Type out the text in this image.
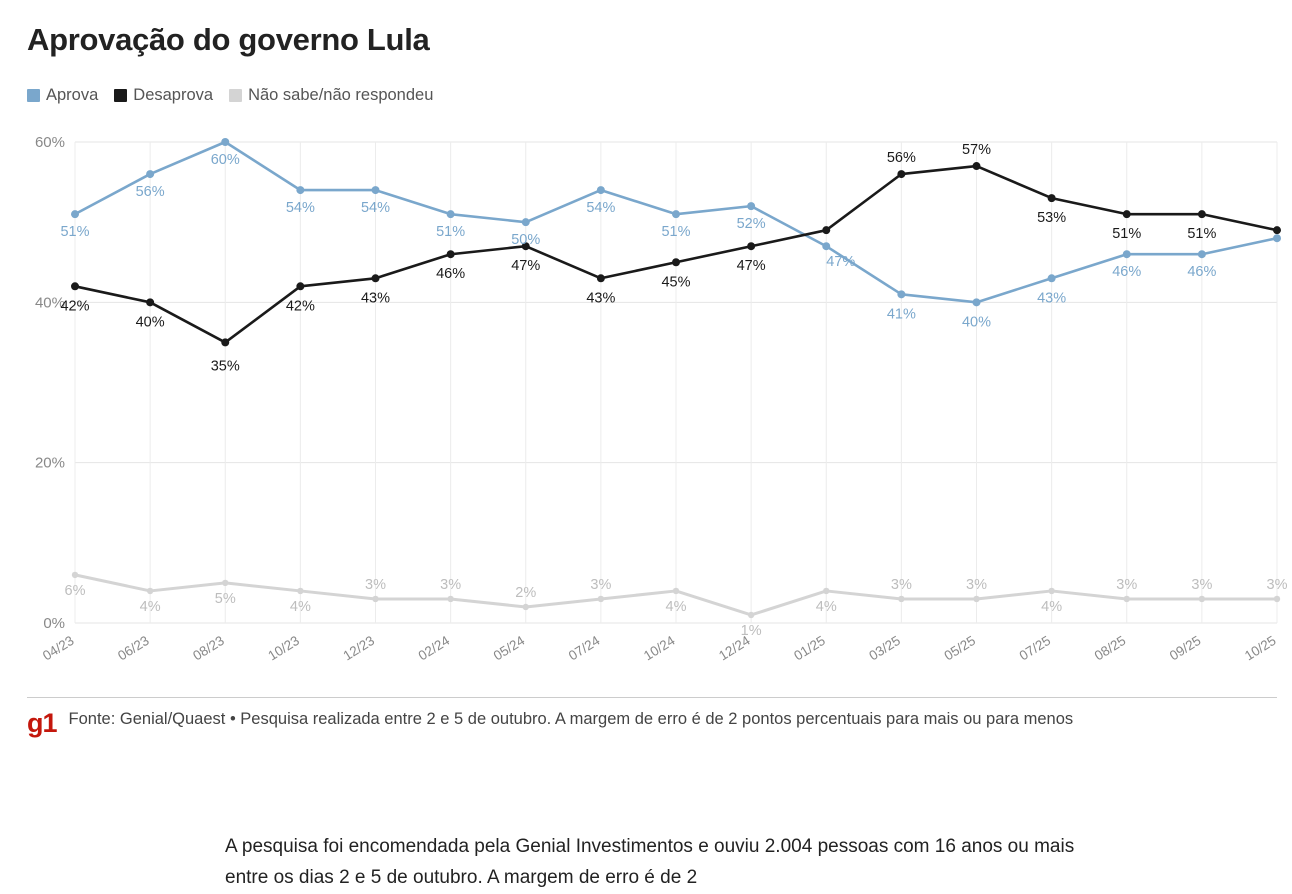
Aprovação do governo Lula
Aprova Desaprova Não sabe/não respondeu
0%
20%
40%
60%
04/23	06/23	08/23	10/23	12/23	02/24	05/24	07/24	10/24	12/24	01/25	03/25	05/25	07/25	08/25	09/25	10/25
51%
56%
60%
54%	54%
51%
50%
54%
51%
52%
47%
41%
40%
43%
46%	46%
42%
40%
35%
42%
43%
46%
47%
43%
45%
47%
56%
57%
53%
51%	51%
6%
4%
5%
4%
3%	3%
2%
3%
4%
1%
4%
3%	3%
4%
3%	3%	3%
g1 Fonte: Genial/Quaest • Pesquisa realizada entre 2 e 5 de outubro. A margem de erro é de 2 pontos percentuais para mais ou para menos
A pesquisa foi encomendada pela Genial Investimentos e ouviu 2.004 pessoas com 16 anos ou mais entre os dias 2 e 5 de outubro. A margem de erro é de 2
